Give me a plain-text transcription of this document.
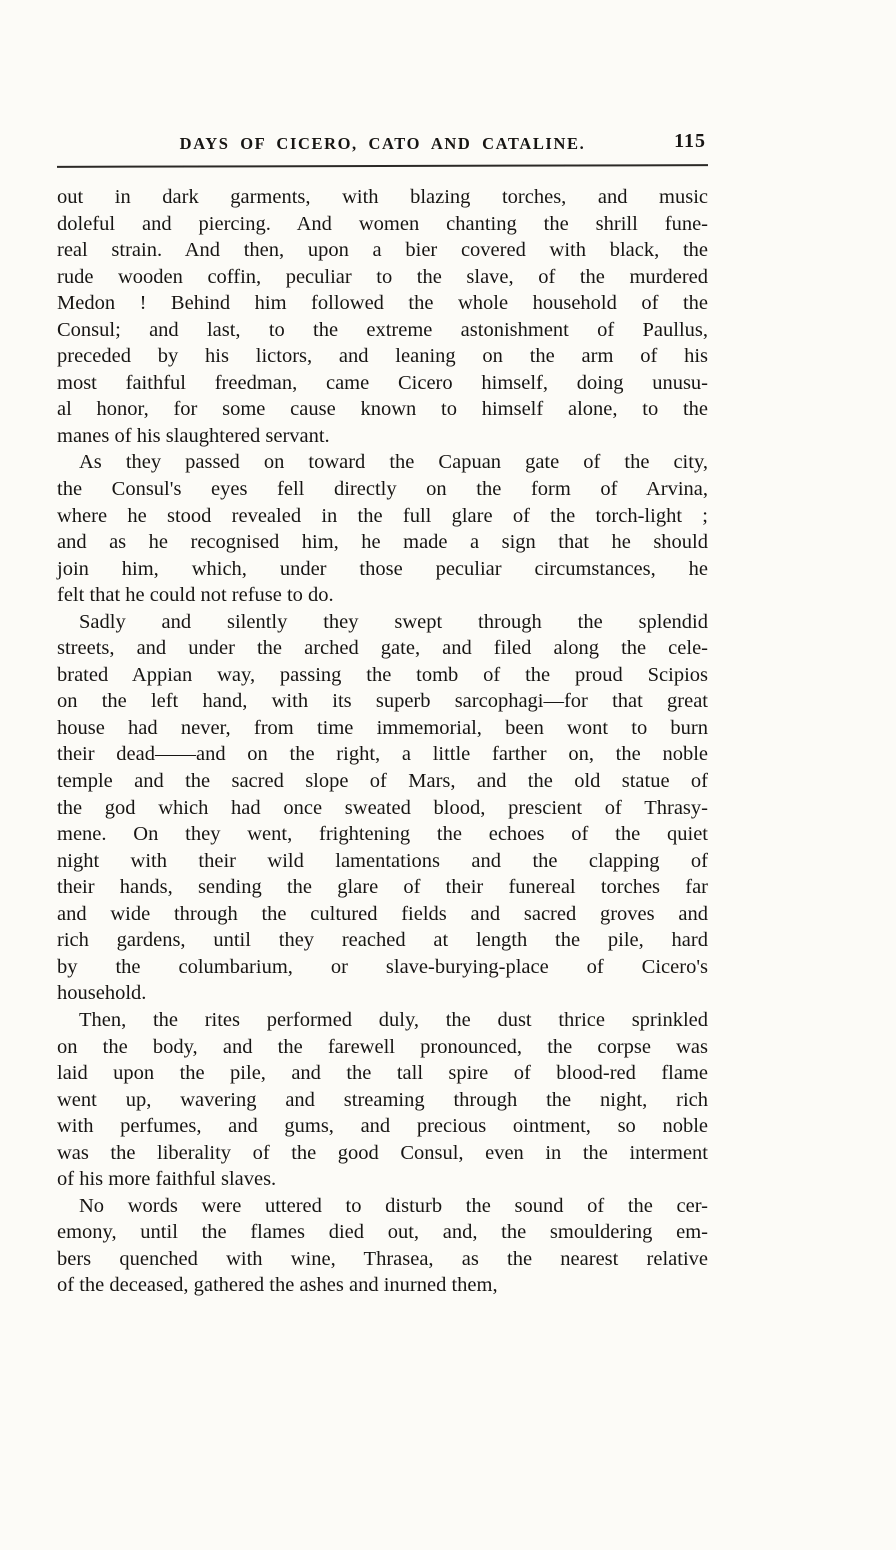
DAYS OF CICERO, CATO AND CATALINE.	115
out in dark garments, with blazing torches, and music
doleful and piercing. And women chanting the shrill fune-
real strain. And then, upon a bier covered with black, the
rude wooden coffin, peculiar to the slave, of the murdered
Medon ! Behind him followed the whole household of the
Consul; and last, to the extreme astonishment of Paullus,
preceded by his lictors, and leaning on the arm of his
most faithful freedman, came Cicero himself, doing unusu-
al honor, for some cause known to himself alone, to the
manes of his slaughtered servant.
As they passed on toward the Capuan gate of the city,
the Consul's eyes fell directly on the form of Arvina,
where he stood revealed in the full glare of the torch-light ;
and as he recognised him, he made a sign that he should
join him, which, under those peculiar circumstances, he
felt that he could not refuse to do.
Sadly and silently they swept through the splendid
streets, and under the arched gate, and filed along the cele-
brated Appian way, passing the tomb of the proud Scipios
on the left hand, with its superb sarcophagi—for that great
house had never, from time immemorial, been wont to burn
their dead——and on the right, a little farther on, the noble
temple and the sacred slope of Mars, and the old statue of
the god which had once sweated blood, prescient of Thrasy-
mene. On they went, frightening the echoes of the quiet
night with their wild lamentations and the clapping of
their hands, sending the glare of their funereal torches far
and wide through the cultured fields and sacred groves and
rich gardens, until they reached at length the pile, hard
by the columbarium, or slave-burying-place of Cicero's
household.
Then, the rites performed duly, the dust thrice sprinkled
on the body, and the farewell pronounced, the corpse was
laid upon the pile, and the tall spire of blood-red flame
went up, wavering and streaming through the night, rich
with perfumes, and gums, and precious ointment, so noble
was the liberality of the good Consul, even in the interment
of his more faithful slaves.
No words were uttered to disturb the sound of the cer-
emony, until the flames died out, and, the smouldering em-
bers quenched with wine, Thrasea, as the nearest relative
of the deceased, gathered the ashes and inurned them,
